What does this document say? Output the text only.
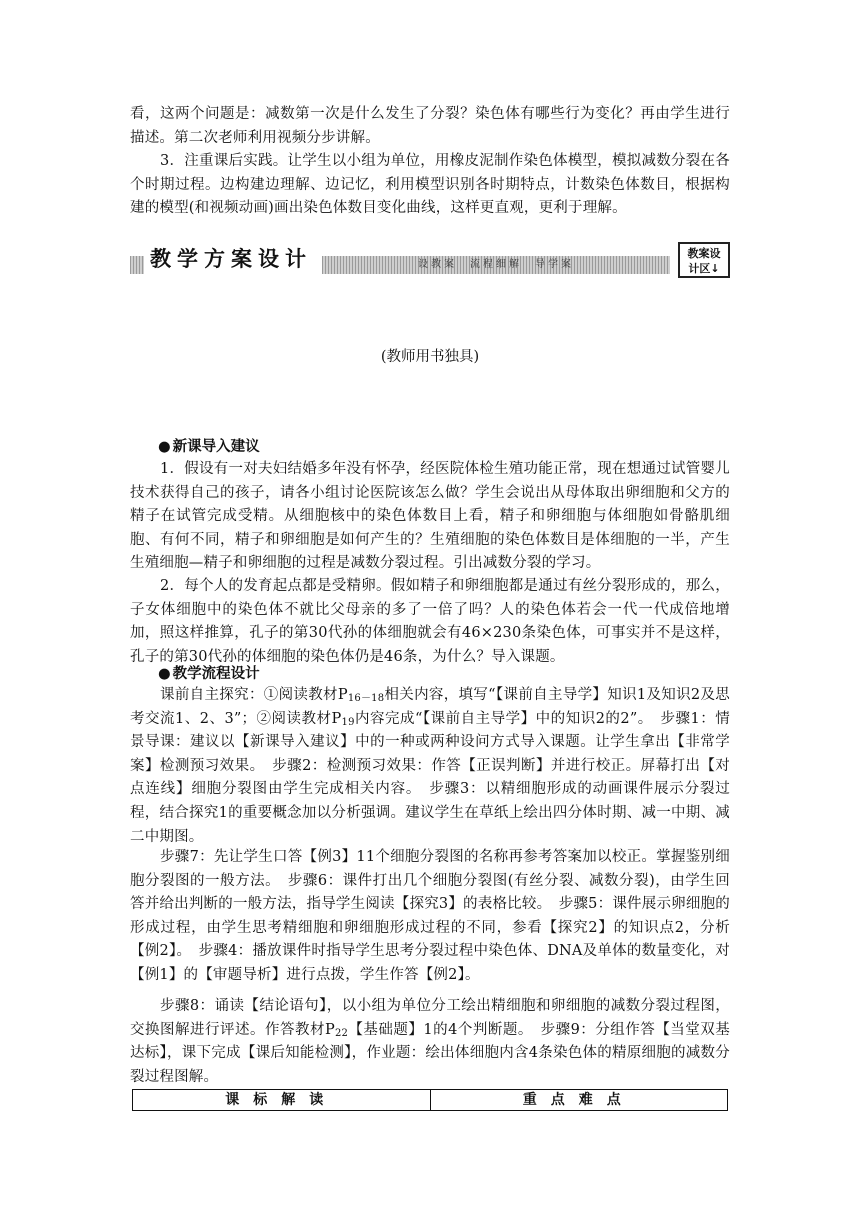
看，这两个问题是：减数第一次是什么发生了分裂？染色体有哪些行为变化？再由学生进行描述。第二次老师利用视频分步讲解。

3．注重课后实践。让学生以小组为单位，用橡皮泥制作染色体模型，模拟减数分裂在各个时期过程。边构建边理解、边记忆，利用模型识别各时期特点，计数染色体数目，根据构建的模型(和视频动画)画出染色体数目变化曲线，这样更直观，更利于理解。

教学方案设计	设教案　流程细解　导学案
教案设
计区↓
(教师用书独具)

● 新课导入建议

1．假设有一对夫妇结婚多年没有怀孕，经医院体检生殖功能正常，现在想通过试管婴儿技术获得自己的孩子，请各小组讨论医院该怎么做？学生会说出从母体取出卵细胞和父方的精子在试管完成受精。从细胞核中的染色体数目上看，精子和卵细胞与体细胞如骨骼肌细胞、有何不同，精子和卵细胞是如何产生的？生殖细胞的染色体数目是体细胞的一半，产生生殖细胞—精子和卵细胞的过程是减数分裂过程。引出减数分裂的学习。

2．每个人的发育起点都是受精卵。假如精子和卵细胞都是通过有丝分裂形成的，那么，子女体细胞中的染色体不就比父母亲的多了一倍了吗？人的染色体若会一代一代成倍地增加，照这样推算，孔子的第30代孙的体细胞就会有46×230条染色体，可事实并不是这样，孔子的第30代孙的体细胞的染色体仍是46条，为什么？导入课题。

● 教学流程设计

课前自主探究：①阅读教材$P_{16-18}$相关内容，填写“【课前自主导学】知识1及知识2及思考交流1、2、3”；②阅读教材$P_{19}$内容完成“【课前自主导学】中的知识2的2”。　步骤1：情景导课：建议以【新课导入建议】中的一种或两种设问方式导入课题。让学生拿出【非常学案】检测预习效果。　步骤2：检测预习效果：作答【正误判断】并进行校正。屏幕打出【对点连线】细胞分裂图由学生完成相关内容。　步骤3：以精细胞形成的动画课件展示分裂过程，结合探究1的重要概念加以分析强调。建议学生在草纸上绘出四分体时期、减一中期、减二中期图。

步骤7：先让学生口答【例3】11个细胞分裂图的名称再参考答案加以校正。掌握鉴别细胞分裂图的一般方法。　步骤6：课件打出几个细胞分裂图(有丝分裂、减数分裂)，由学生回答并给出判断的一般方法，指导学生阅读【探究3】的表格比较。　步骤5：课件展示卵细胞的形成过程，由学生思考精细胞和卵细胞形成过程的不同，参看【探究2】的知识点2，分析【例2】。　步骤4：播放课件时指导学生思考分裂过程中染色体、DNA及单体的数量变化，对【例1】的【审题导析】进行点拨，学生作答【例2】。

步骤8：诵读【结论语句】，以小组为单位分工绘出精细胞和卵细胞的减数分裂过程图，交换图解进行评述。作答教材$P_{22}$【基础题】1的4个判断题。　步骤9：分组作答【当堂双基达标】，课下完成【课后知能检测】，作业题：绘出体细胞内含4条染色体的精原细胞的减数分裂过程图解。

课标解读	重点难点
